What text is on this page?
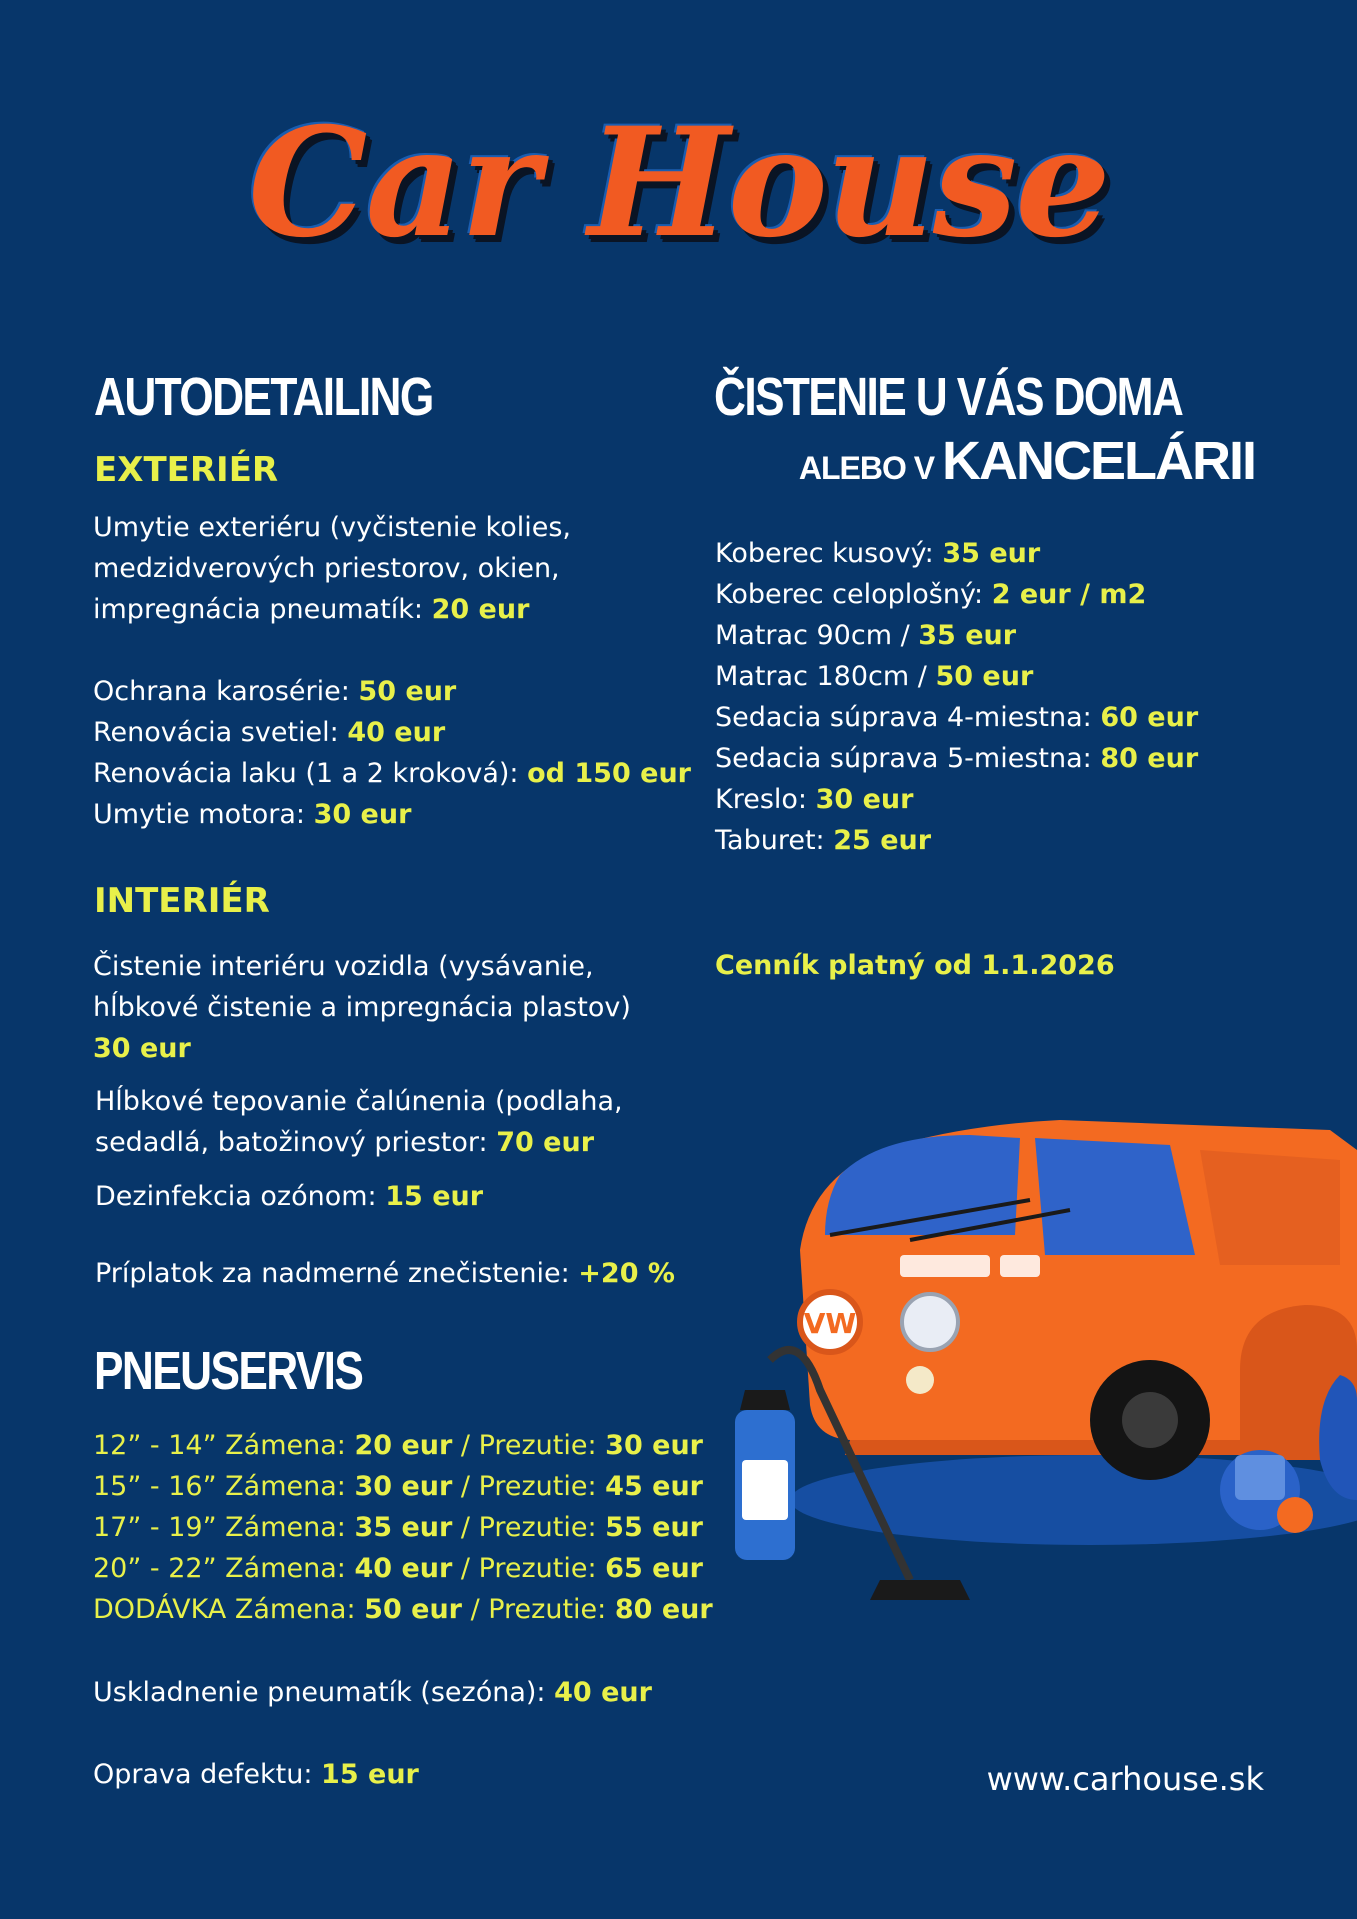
Car House
AUTODETAILING
EXTERIÉR
Umytie exteriéru (vyčistenie kolies,
medzidverových priestorov, okien,
impregnácia pneumatík: 20 eur
Ochrana karosérie: 50 eur
Renovácia svetiel: 40 eur
Renovácia laku (1 a 2 kroková): od 150 eur
Umytie motora: 30 eur
INTERIÉR
Čistenie interiéru vozidla (vysávanie,
hĺbkové čistenie a impregnácia plastov)
30 eur
Hĺbkové tepovanie čalúnenia (podlaha,
sedadlá, batožinový priestor: 70 eur
Dezinfekcia ozónom: 15 eur
Príplatok za nadmerné znečistenie: +20 %
PNEUSERVIS
12” - 14” Zámena: 20 eur / Prezutie: 30 eur
15” - 16” Zámena: 30 eur / Prezutie: 45 eur
17” - 19” Zámena: 35 eur / Prezutie: 55 eur
20” - 22” Zámena: 40 eur / Prezutie: 65 eur
DODÁVKA Zámena: 50 eur / Prezutie: 80 eur
Uskladnenie pneumatík (sezóna): 40 eur
Oprava defektu: 15 eur
ČISTENIE U VÁS DOMA
ALEBO V KANCELÁRII
Koberec kusový: 35 eur
Koberec celoplošný: 2 eur / m2
Matrac 90cm / 35 eur
Matrac 180cm / 50 eur
Sedacia súprava 4-miestna: 60 eur
Sedacia súprava 5-miestna: 80 eur
Kreslo: 30 eur
Taburet: 25 eur
Cenník platný od 1.1.2026
VW
www.carhouse.sk
